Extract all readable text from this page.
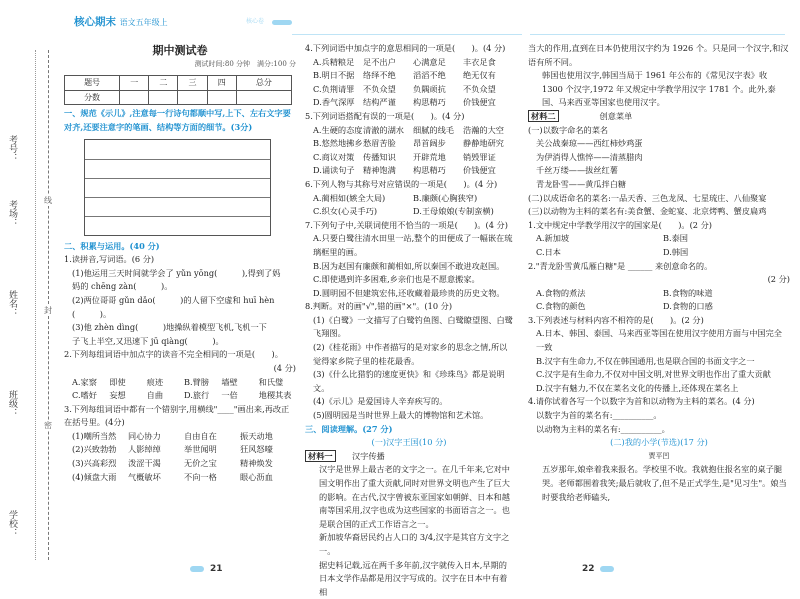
核心期末 语文五年级上	核心卷
考号：
考场：
姓名：
班级：
学校：
线
封
密
期中测试卷
测试时间:80 分钟　满分:100 分
题号	一	二	三	四	总分
分数					
一、规范《示儿》,注意每一行诗句都顺中写,上下、左右文字要对齐,还要注意字的笔画、结构等方面的细节。(3分)
二、积累与运用。(40 分)
1.读拼音,写词语。(6 分)
(1)他运用三天时间就学会了 yǔn yōng(　　　),得到了妈
妈的 chēng zàn(　　　)。
(2)两位哥哥 gǔn dǎo(　　　)的人留下空虚和 huī hèn
(　　　)。
(3)他 zhèn dìng(　　　)地操纵着模型飞机,飞机一下
子飞上半空,又迅速下 jū qiàng(　　　)。
2.下列每组词语中加点字的读音不完全相同的一项是(　　)。
(4 分)
A.家察	即使	痕迹	B.臂膀	墙壁	和氏璧
C.嗜好	妄想	自曲	D.旅行	一倍	地稷其表
3.下列每组词语中都有一个错别字,用横线"____"画出来,再改正在括号里。(4分)
(1)嘲所当然	同心协力	自由自在	振天动地
(2)兴致勃勃	人影绰绰	举世闻明	狂风怒嚎
(3)兴高彩烈	泼涩干渴	无价之宝	精神焕发
(4)倾盘大雨	气概敏坏	不向一格	眼心沥血
21
4.下列词语中加点字的意思相同的一项是(　　)。(4 分)
A.兵精粮足	足不出户	心满意足	丰衣足食
B.明日不据	络绎不绝	滔滔不绝	绝无仅有
C.负荆请罪	不负众望	负隅顽抗	不负众望
D.香气深厚	结构严谨	构思精巧	价钱便宜
5.下列词语搭配有误的一项是(　　)。(4 分)
A.生硬的态度 清澈的湖水	细腻的线毛	浩瀚的大空
B.悠然地拂乡 愁眉苦脸	昂首阔步	静静地研究
C.商议对策	传播知识	开辟荒地	销毁罪证
D.诵读句子	精神饱满	构思精巧	价钱便宜
6.下列人物与其称号对应错误的一项是(　　)。(4 分)
A.蔺相如(嫉全大局)	B.廉颇(心胸狭窄)
C.织女(心灵手巧)	D.王母娘娘(专制蛮横)
7.下列句子中,关联词使用不恰当的一项是(　　)。(4 分)
A.只要白鹭往清水田里一站,整个的田便成了一幅嵌在琉璃框里的画。
B.因为赵国有廉颇和蔺相如,所以秦国不敢进攻赵国。
C.即使遇到许多困难,乡亲们也是不愿意搬家。
D.圆明园不但建筑宏伟,还收藏着最珍贵的历史文物。
8.判断。对的画"√",错的画"×"。(10 分)
(1)《白鹭》一文描写了白鹭钓鱼图、白鹭瞭望图、白鹭飞翔图。
(2)《桂花雨》中作者描写的是对家乡的思念之情,所以觉得家乡院子里的桂花最香。
(3)《什么比猎豹的速度更快》和《珍珠鸟》都是说明文。
(4)《示儿》是爱国诗人辛弃疾写的。
(5)圆明园是当时世界上最大的博物馆和艺术馆。
三、阅读理解。(27 分)
(一)汉字王国(10 分)
材料一　　 汉字传播
汉字是世界上最古老的文字之一。在几千年来,它对中国文明作出了重大贡献,同时对世界文明也产生了巨大的影响。在古代,汉字曾被东亚国家如朝鲜、日本和越南等国采用,汉字也成为这些国家的书面语言之一。也是联合国的正式工作语言之一。
新加坡华裔居民约占人口的 3/4,汉字是其官方文字之一。
据史料记载,远在两千多年前,汉字就传入日本,早期的日本文学作品都是用汉字写成的。汉字在日本中有着相
当大的作用,直到在日本仍使用汉字约为 1926 个。只是同一个汉字,和汉语有所不同。
韩国也使用汉字,韩国当局于 1961 年公布的《常见汉字表》收 1300 个汉字,1972 年又规定中学教学用汉字 1781 个。此外,泰国、马来西亚等国家也使用汉字。
材料二　　　　　	创意菜单
(一)以数字命名的菜名
关公战秦琼——西红柿炒鸡蛋
为伊消得人憔悴——清蒸腊肉
千丝万缕——拔丝红薯
青龙卧雪——黄瓜拌白糖
(二)以成语命名的菜名:一品天香、三色龙凤、七星琉庄、八仙聚宴
(三)以动物为主料的菜名有:美食蟹、金蛇宴、北京烤鸭、蟹皮扁鸡
1.文中规定中学教学用汉字的国家是(　　)。(2 分)
A.新加坡	B.泰国
C.日本	D.韩国
2."青龙卧雪黄瓜雁白糖"是 ______ 来创意命名的。
(2 分)
A.食物的煮法	B.食物的味道
C.食物的颜色	D.食物的口感
3.下列表述与材料内容不相符的是(　　)。(2 分)
A.日本、韩国、泰国、马来西亚等国在使用汉字使用方面与中国完全一致
B.汉字有生命力,不仅在韩国通用,也是联合国的书面文字之一
C.汉字是有生命力,不仅对中国文明,对世界文明也作出了重大贡献
D.汉字有魅力,不仅在菜名文化的传播上,还体现在菜名上
4.请你试着各写一个以数字为首和以动物为主料的菜名。(4 分)
以数字为首的菜名有:__________。
以动物为主料的菜名有:__________。
(二)我的小学(节选)(17 分)
贾平凹
五岁那年,娘牵着我来报名。学校里不收。我就抱住报名室的桌子腿哭。老师都围着我笑;最后就收了,但不是正式学生,是"见习生"。娘当时要我给老师磕头,
22
